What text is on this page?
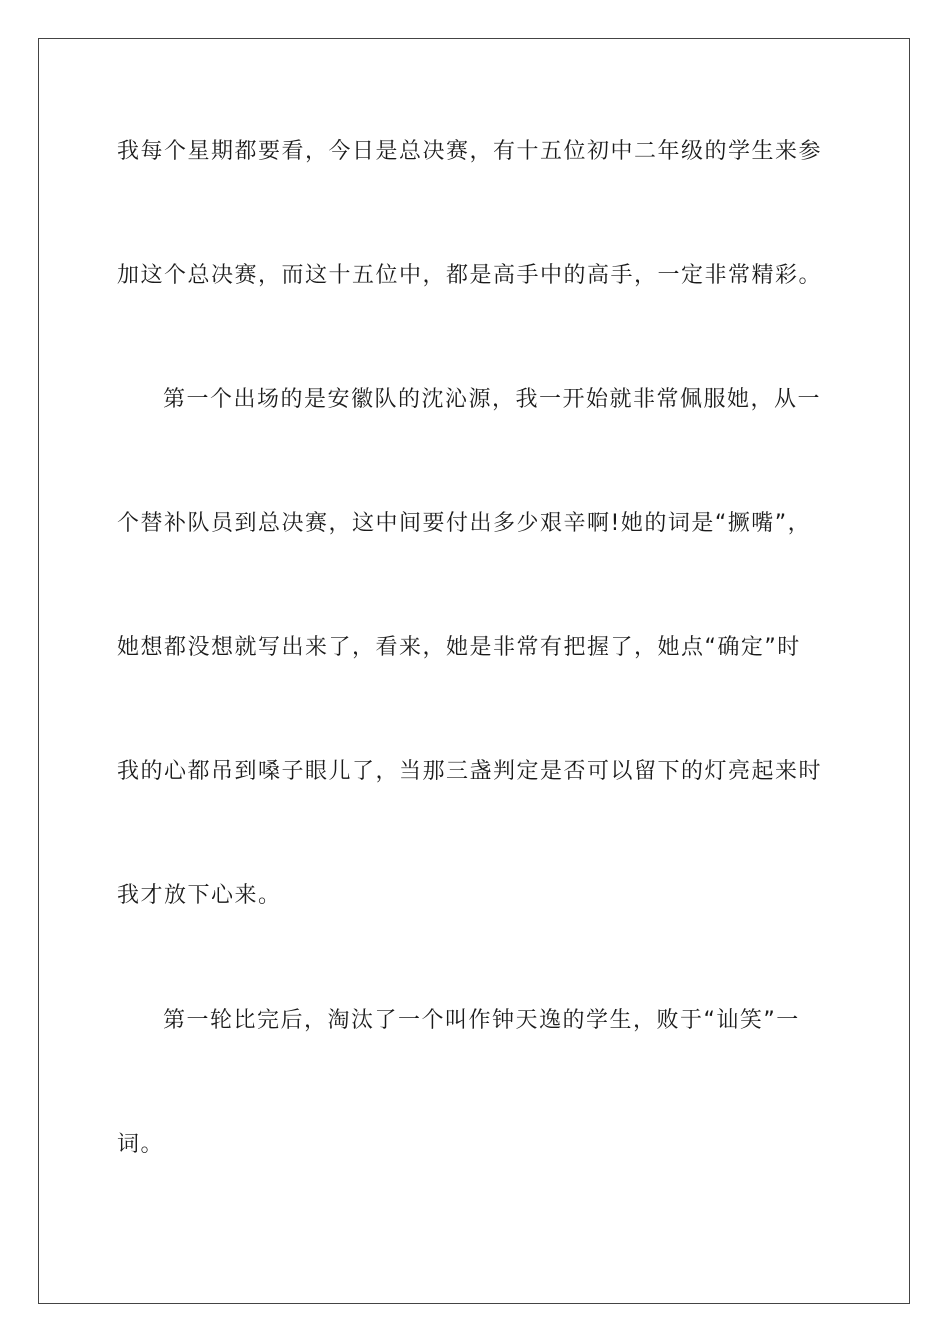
我每个星期都要看，今日是总决赛，有十五位初中二年级的学生来参

加这个总决赛，而这十五位中，都是高手中的高手，一定非常精彩。

第一个出场的是安徽队的沈沁源，我一开始就非常佩服她，从一

个替补队员到总决赛，这中间要付出多少艰辛啊!她的词是“撅嘴”，

她想都没想就写出来了，看来，她是非常有把握了，她点“确定”时

我的心都吊到嗓子眼儿了，当那三盏判定是否可以留下的灯亮起来时

我才放下心来。

第一轮比完后，淘汰了一个叫作钟天逸的学生，败于“讪笑”一

词。
